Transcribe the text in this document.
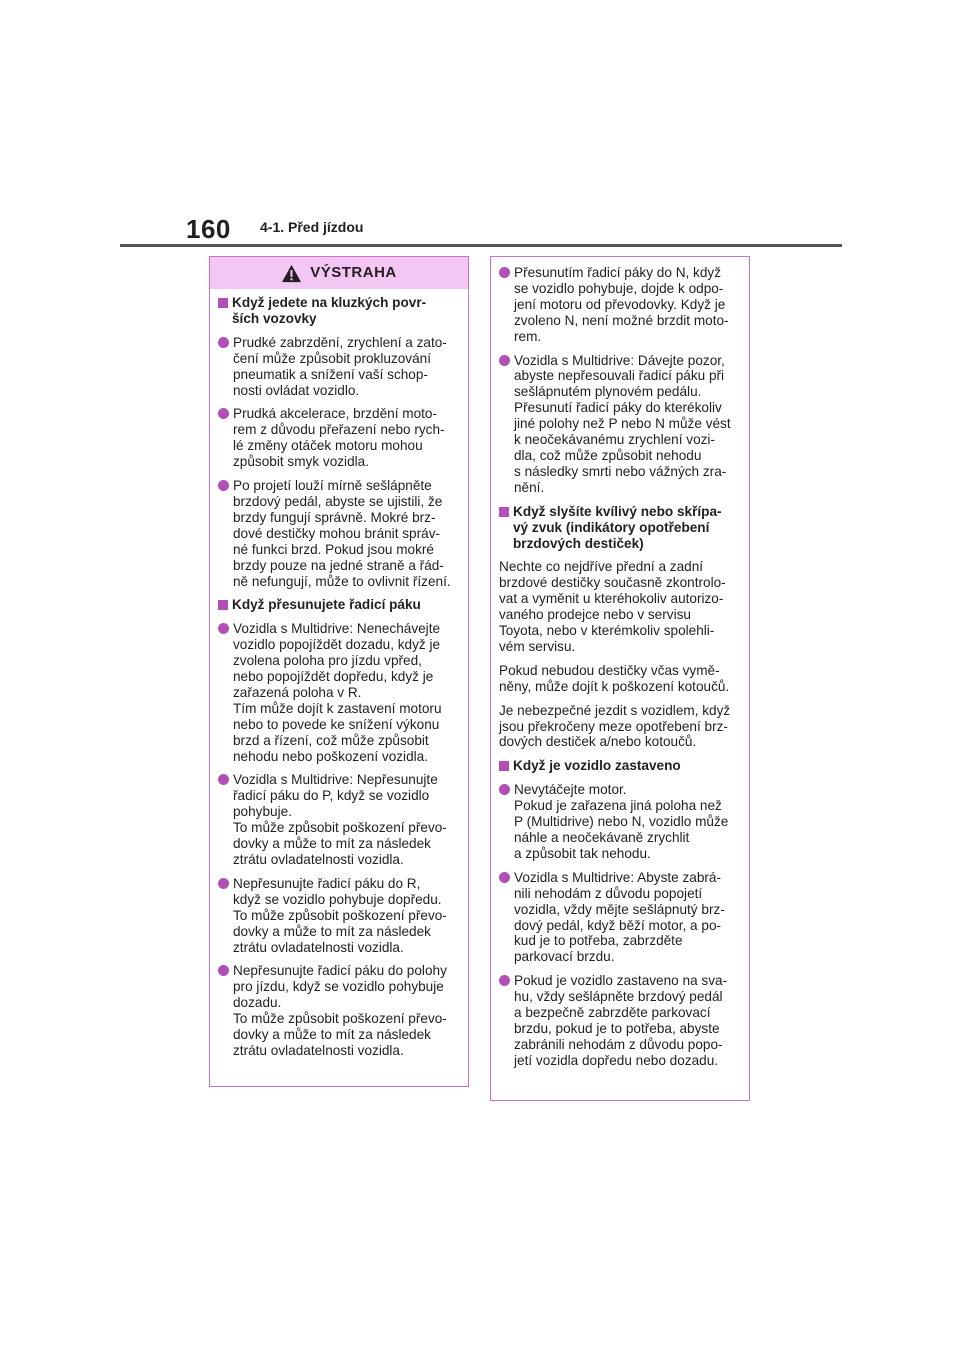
160 4-1. Před jízdou
VÝSTRAHA
Když jedete na kluzkých povr-
ších vozovky
Prudké zabrzdění, zrychlení a zato-
čení může způsobit prokluzování
pneumatik a snížení vaší schop-
nosti ovládat vozidlo.
Prudká akcelerace, brzdění moto-
rem z důvodu přeřazení nebo rych-
lé změny otáček motoru mohou
způsobit smyk vozidla.
Po projetí louží mírně sešlápněte
brzdový pedál, abyste se ujistili, že
brzdy fungují správně. Mokré brz-
dové destičky mohou bránit správ-
né funkci brzd. Pokud jsou mokré
brzdy pouze na jedné straně a řád-
ně nefungují, může to ovlivnit řízení.
Když přesunujete řadicí páku
Vozidla s Multidrive: Nenechávejte
vozidlo popojíždět dozadu, když je
zvolena poloha pro jízdu vpřed,
nebo popojíždět dopředu, když je
zařazená poloha v R.
Tím může dojít k zastavení motoru
nebo to povede ke snížení výkonu
brzd a řízení, což může způsobit
nehodu nebo poškození vozidla.
Vozidla s Multidrive: Nepřesunujte
řadicí páku do P, když se vozidlo
pohybuje.
To může způsobit poškození převo-
dovky a může to mít za následek
ztrátu ovladatelnosti vozidla.
Nepřesunujte řadicí páku do R,
když se vozidlo pohybuje dopředu.
To může způsobit poškození převo-
dovky a může to mít za následek
ztrátu ovladatelnosti vozidla.
Nepřesunujte řadicí páku do polohy
pro jízdu, když se vozidlo pohybuje
dozadu.
To může způsobit poškození převo-
dovky a může to mít za následek
ztrátu ovladatelnosti vozidla.
Přesunutím řadicí páky do N, když
se vozidlo pohybuje, dojde k odpo-
jení motoru od převodovky. Když je
zvoleno N, není možné brzdit moto-
rem.
Vozidla s Multidrive: Dávejte pozor,
abyste nepřesouvali řadicí páku při
sešlápnutém plynovém pedálu.
Přesunutí řadicí páky do kterékoliv
jiné polohy než P nebo N může vést
k neočekávanému zrychlení vozi-
dla, což může způsobit nehodu
s následky smrti nebo vážných zra-
nění.
Když slyšíte kvílivý nebo skřípa-
vý zvuk (indikátory opotřebení
brzdových destiček)
Nechte co nejdříve přední a zadní
brzdové destičky současně zkontrolo-
vat a vyměnit u kteréhokoliv autorizo-
vaného prodejce nebo v servisu
Toyota, nebo v kterémkoliv spolehli-
vém servisu.
Pokud nebudou destičky včas vymě-
něny, může dojít k poškození kotoučů.
Je nebezpečné jezdit s vozidlem, když
jsou překročeny meze opotřebení brz-
dových destiček a/nebo kotoučů.
Když je vozidlo zastaveno
Nevytáčejte motor.
Pokud je zařazena jiná poloha než
P (Multidrive) nebo N, vozidlo může
náhle a neočekávaně zrychlit
a způsobit tak nehodu.
Vozidla s Multidrive: Abyste zabrá-
nili nehodám z důvodu popojetí
vozidla, vždy mějte sešlápnutý brz-
dový pedál, když běží motor, a po-
kud je to potřeba, zabrzděte
parkovací brzdu.
Pokud je vozidlo zastaveno na sva-
hu, vždy sešlápněte brzdový pedál
a bezpečně zabrzděte parkovací
brzdu, pokud je to potřeba, abyste
zabránili nehodám z důvodu popo-
jetí vozidla dopředu nebo dozadu.
